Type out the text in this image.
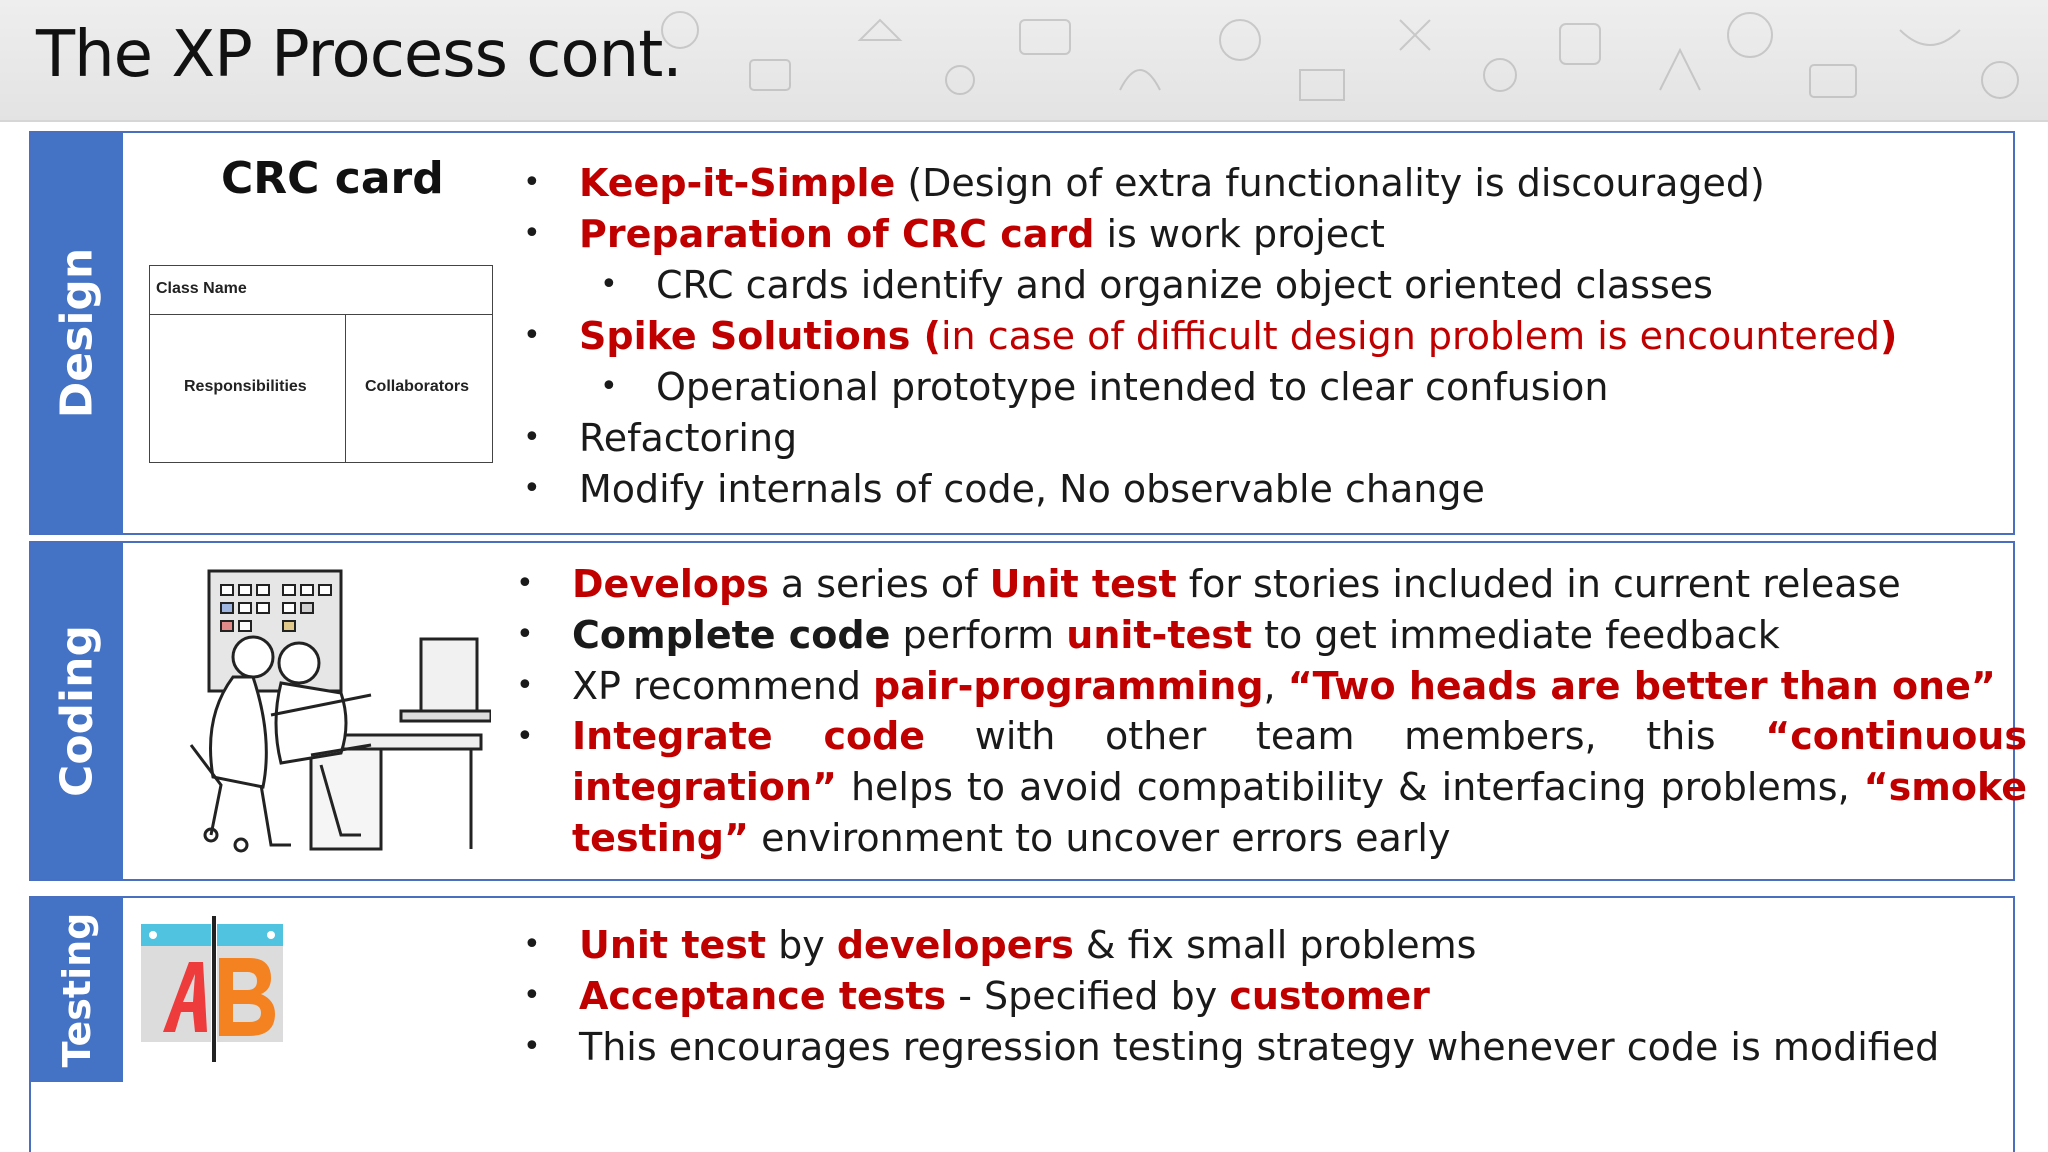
The XP Process cont.
Design
CRC card
Class Name
Responsibilities	Collaborators
• Keep-it-Simple (Design of extra functionality is discouraged)
• Preparation of CRC card is work project
• CRC cards identify and organize object oriented classes
• Spike Solutions (in case of difficult design problem is encountered)
• Operational prototype intended to clear confusion
• Refactoring
• Modify internals of code, No observable change
Coding
• Develops a series of Unit test for stories included in current release
• Complete code perform unit-test to get immediate feedback
• XP recommend pair-programming, “Two heads are better than one”
• Integrate code with other team members, this “continuous integration” helps to avoid compatibility & interfacing problems, “smoke testing” environment to uncover errors early
Testing	• Unit test by developers & fix small problems
• Acceptance tests - Specified by customer
• This encourages regression testing strategy whenever code is modified
